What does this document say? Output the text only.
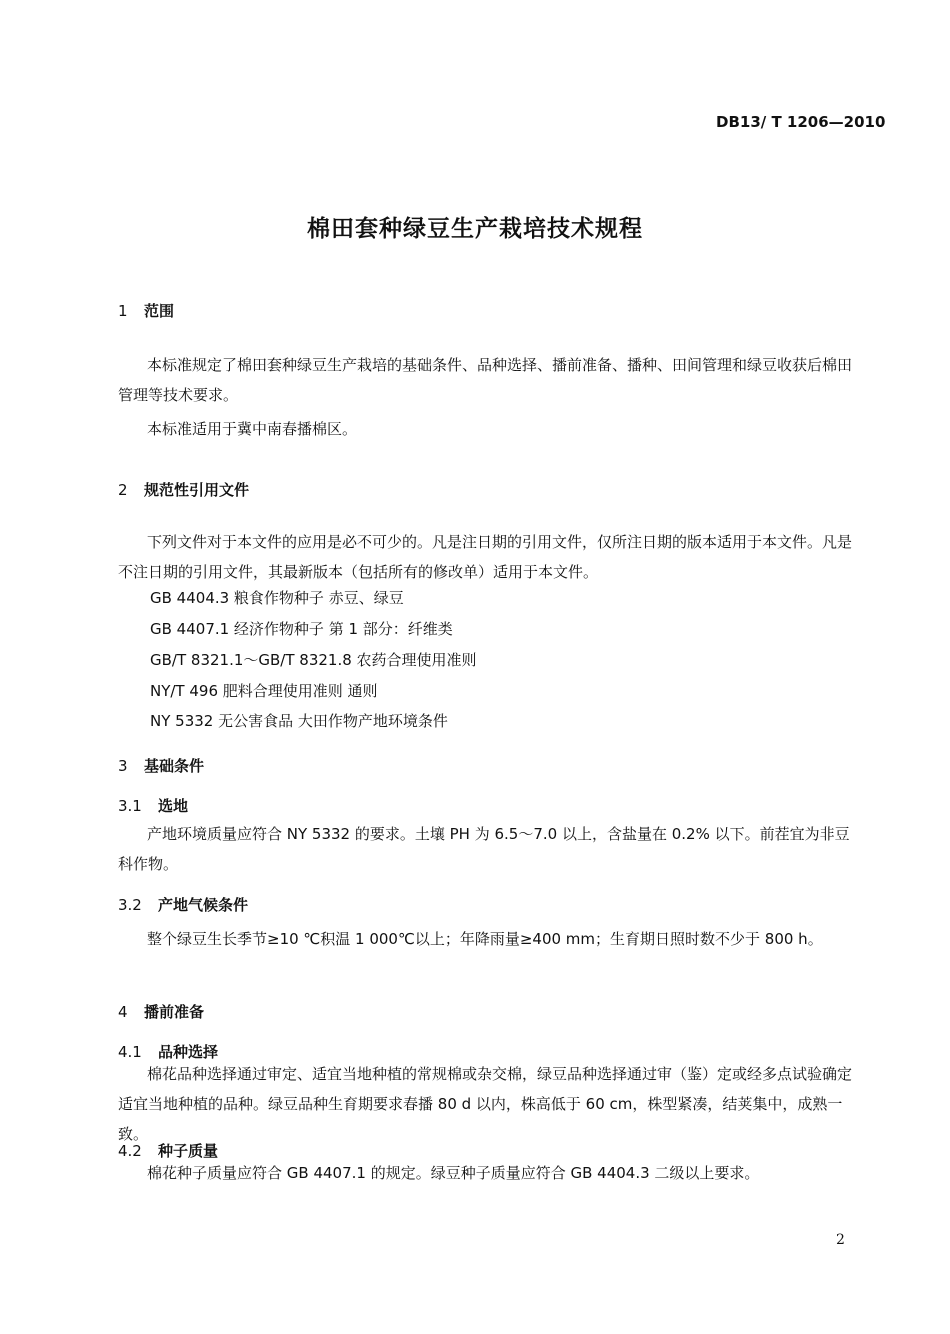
DB13/ T 1206—2010
棉田套种绿豆生产栽培技术规程
1 范围
本标准规定了棉田套种绿豆生产栽培的基础条件、品种选择、播前准备、播种、田间管理和绿豆收获后棉田管理等技术要求。
本标准适用于冀中南春播棉区。
2 规范性引用文件
下列文件对于本文件的应用是必不可少的。凡是注日期的引用文件，仅所注日期的版本适用于本文件。凡是不注日期的引用文件，其最新版本（包括所有的修改单）适用于本文件。
GB 4404.3 粮食作物种子 赤豆、绿豆
GB 4407.1 经济作物种子 第 1 部分：纤维类
GB/T 8321.1～GB/T 8321.8 农药合理使用准则
NY/T 496 肥料合理使用准则 通则
NY 5332 无公害食品 大田作物产地环境条件
3 基础条件
3.1 选地
产地环境质量应符合 NY 5332 的要求。土壤 PH 为 6.5～7.0 以上，含盐量在 0.2% 以下。前茬宜为非豆科作物。
3.2 产地气候条件
整个绿豆生长季节≥10 ℃积温 1 000℃以上；年降雨量≥400 mm；生育期日照时数不少于 800 h。
4 播前准备
4.1 品种选择
棉花品种选择通过审定、适宜当地种植的常规棉或杂交棉，绿豆品种选择通过审（鉴）定或经多点试验确定适宜当地种植的品种。绿豆品种生育期要求春播 80 d 以内，株高低于 60 cm，株型紧凑，结荚集中，成熟一致。
4.2 种子质量
棉花种子质量应符合 GB 4407.1 的规定。绿豆种子质量应符合 GB 4404.3 二级以上要求。
2
